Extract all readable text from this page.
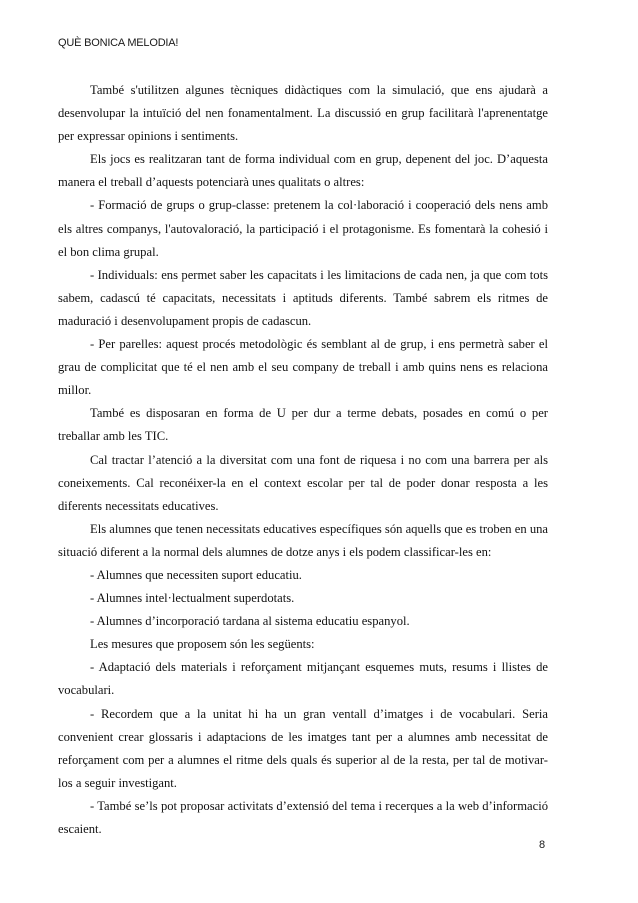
QUÈ BONICA MELODIA!

També s'utilitzen algunes tècniques didàctiques com la simulació, que ens ajudarà a desenvolupar la intuïció del nen fonamentalment. La discussió en grup facilitarà l'aprenentatge per expressar opinions i sentiments.

Els jocs es realitzaran tant de forma individual com en grup, depenent del joc. D’aquesta manera el treball d’aquests potenciarà unes qualitats o altres:

- Formació de grups o grup-classe: pretenem la col·laboració i cooperació dels nens amb els altres companys, l'autovaloració, la participació i el protagonisme. Es fomentarà la cohesió i el bon clima grupal.

- Individuals: ens permet saber les capacitats i les limitacions de cada nen, ja que com tots sabem, cadascú té capacitats, necessitats i aptituds diferents. També sabrem els ritmes de maduració i desenvolupament propis de cadascun.

- Per parelles: aquest procés metodològic és semblant al de grup, i ens permetrà saber el grau de complicitat que té el nen amb el seu company de treball i amb quins nens es relaciona millor.

També es disposaran en forma de U per dur a terme debats, posades en comú o per treballar amb les TIC.

Cal tractar l’atenció a la diversitat com una font de riquesa i no com una barrera per als coneixements. Cal reconéixer-la en el context escolar per tal de poder donar resposta a les diferents necessitats educatives.

Els alumnes que tenen necessitats educatives específiques són aquells que es troben en una situació diferent a la normal dels alumnes de dotze anys i els podem classificar-les en:

- Alumnes que necessiten suport educatiu.

- Alumnes intel·lectualment superdotats.

- Alumnes d’incorporació tardana al sistema educatiu espanyol.

Les mesures que proposem són les següents:

- Adaptació dels materials i reforçament mitjançant esquemes muts, resums i llistes de vocabulari.

- Recordem que a la unitat hi ha un gran ventall d’imatges i de vocabulari. Seria convenient crear glossaris i adaptacions de les imatges tant per a alumnes amb necessitat de reforçament com per a alumnes el ritme dels quals és superior al de la resta, per tal de motivar-los a seguir investigant.

- També se’ls pot proposar activitats d’extensió del tema i recerques a la web d’informació escaient.

8
